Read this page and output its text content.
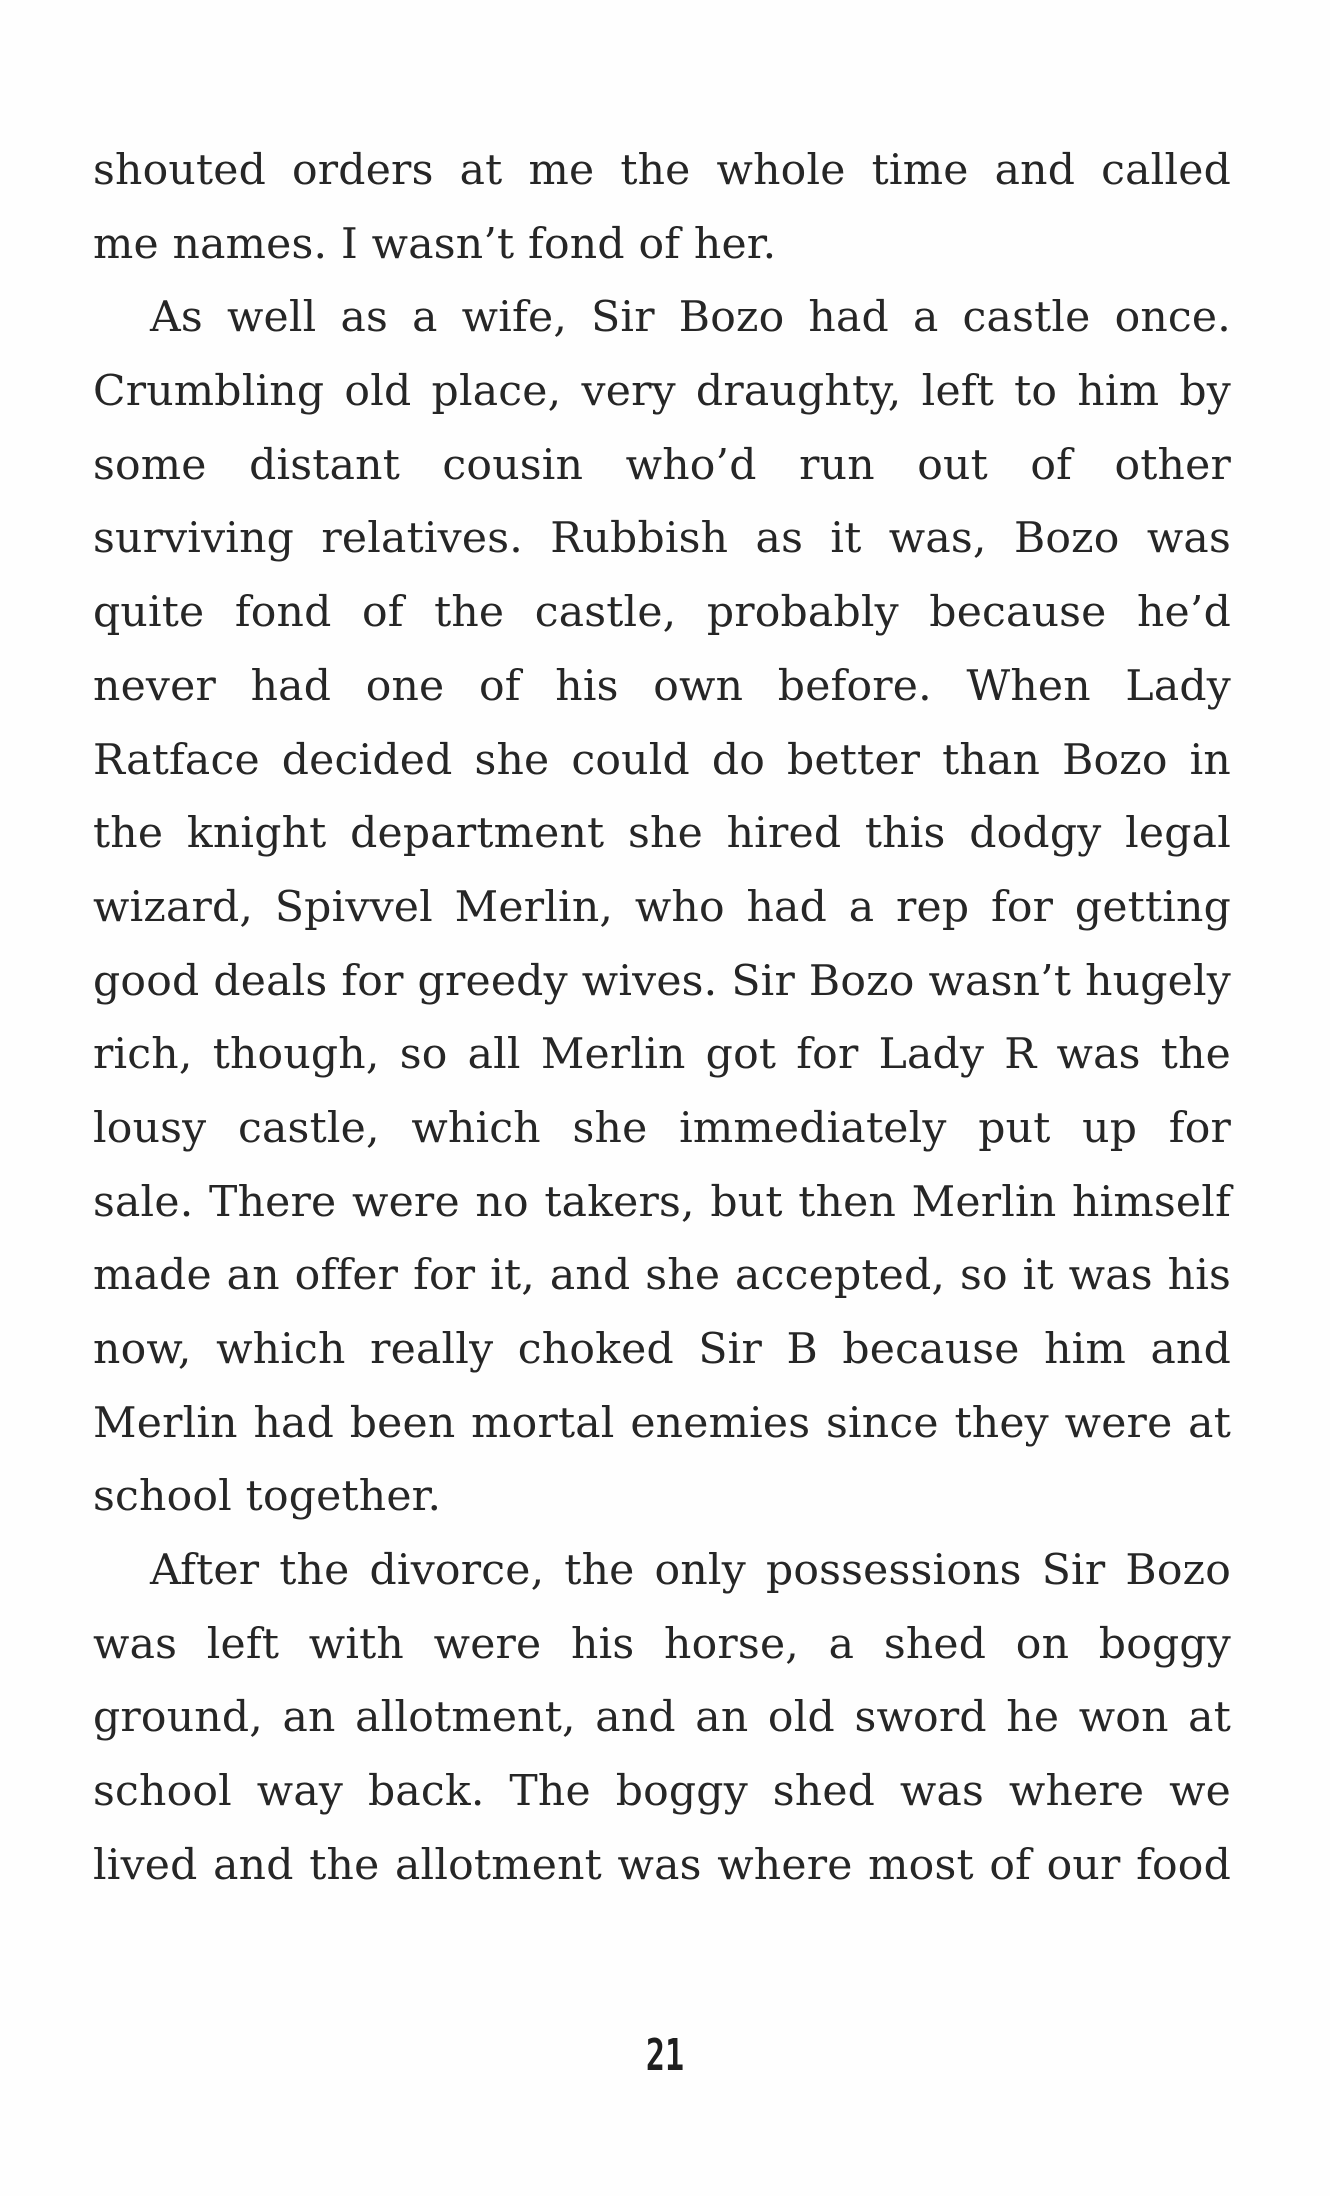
shouted orders at me the whole time and called
me names. I wasn’t fond of her.
As well as a wife, Sir Bozo had a castle once.
Crumbling old place, very draughty, left to him by
some distant cousin who’d run out of other
surviving relatives. Rubbish as it was, Bozo was
quite fond of the castle, probably because he’d
never had one of his own before. When Lady
Ratface decided she could do better than Bozo in
the knight department she hired this dodgy legal
wizard, Spivvel Merlin, who had a rep for getting
good deals for greedy wives. Sir Bozo wasn’t hugely
rich, though, so all Merlin got for Lady R was the
lousy castle, which she immediately put up for
sale. There were no takers, but then Merlin himself
made an offer for it, and she accepted, so it was his
now, which really choked Sir B because him and
Merlin had been mortal enemies since they were at
school together.
After the divorce, the only possessions Sir Bozo
was left with were his horse, a shed on boggy
ground, an allotment, and an old sword he won at
school way back. The boggy shed was where we
lived and the allotment was where most of our food
21
